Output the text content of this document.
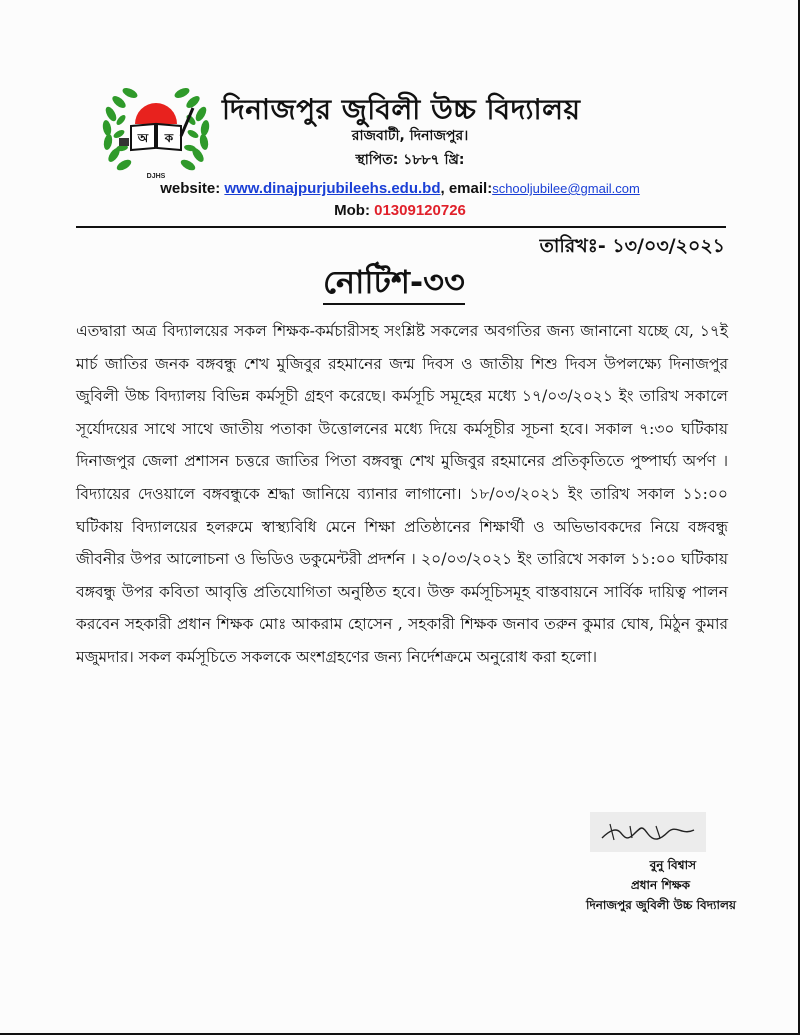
অ ক
DJHS
দিনাজপুর জুবিলী উচ্চ বিদ্যালয়
রাজবাটী, দিনাজপুর।
স্থাপিত: ১৮৮৭ খ্রি:
website: www.dinajpurjubileehs.edu.bd, email:schooljubilee@gmail.com
Mob: 01309120726
তারিখঃ- ১৩/০৩/২০২১
নোটিশ-৩৩
এতদ্বারা অত্র বিদ্যালয়ের সকল শিক্ষক-কর্মচারীসহ সংশ্লিষ্ট সকলের অবগতির জন্য জানানো যচ্ছে যে, ১৭ই মার্চ জাতির জনক বঙ্গবন্ধু শেখ মুজিবুর রহমানের জন্ম দিবস ও জাতীয় শিশু দিবস উপলক্ষ্যে দিনাজপুর জুবিলী উচ্চ বিদ্যালয় বিভিন্ন কর্মসূচী গ্রহণ করেছে। কর্মসূচি সমূহের মধ্যে ১৭/০৩/২০২১ ইং তারিখ সকালে সূর্যোদয়ের সাথে সাথে জাতীয় পতাকা উত্তোলনের মধ্যে দিয়ে কর্মসূচীর সূচনা হবে। সকাল ৭:৩০ ঘটিকায় দিনাজপুর জেলা প্রশাসন চত্তরে জাতির পিতা বঙ্গবন্ধু শেখ মুজিবুর রহমানের প্রতিকৃতিতে পুষ্পার্ঘ্য অর্পণ । বিদ্যায়ের দেওয়ালে বঙ্গবন্ধুকে শ্রদ্ধা জানিয়ে ব্যানার লাগানো। ১৮/০৩/২০২১ ইং তারিখ সকাল ১১:০০ ঘটিকায় বিদ্যালয়ের হলরুমে স্বাস্থ্যবিধি মেনে শিক্ষা প্রতিষ্ঠানের শিক্ষার্থী ও অভিভাবকদের নিয়ে বঙ্গবন্ধু জীবনীর উপর আলোচনা ও ভিডিও ডকুমেন্টরী প্রদর্শন । ২০/০৩/২০২১ ইং তারিখে সকাল ১১:০০ ঘটিকায় বঙ্গবন্ধু উপর কবিতা আবৃত্তি প্রতিযোগিতা অনুষ্ঠিত হবে। উক্ত কর্মসূচিসমূহ বাস্তবায়নে সার্বিক দায়িত্ব পালন করবেন সহকারী প্রধান শিক্ষক মোঃ আকরাম হোসেন , সহকারী শিক্ষক জনাব তরুন কুমার ঘোষ, মিঠুন কুমার মজুমদার। সকল কর্মসূচিতে সকলকে অংশগ্রহণের জন্য নির্দেশক্রমে অনুরোধ করা হলো।
বুনু বিশ্বাস
প্রধান শিক্ষক
দিনাজপুর জুবিলী উচ্চ বিদ্যালয়
